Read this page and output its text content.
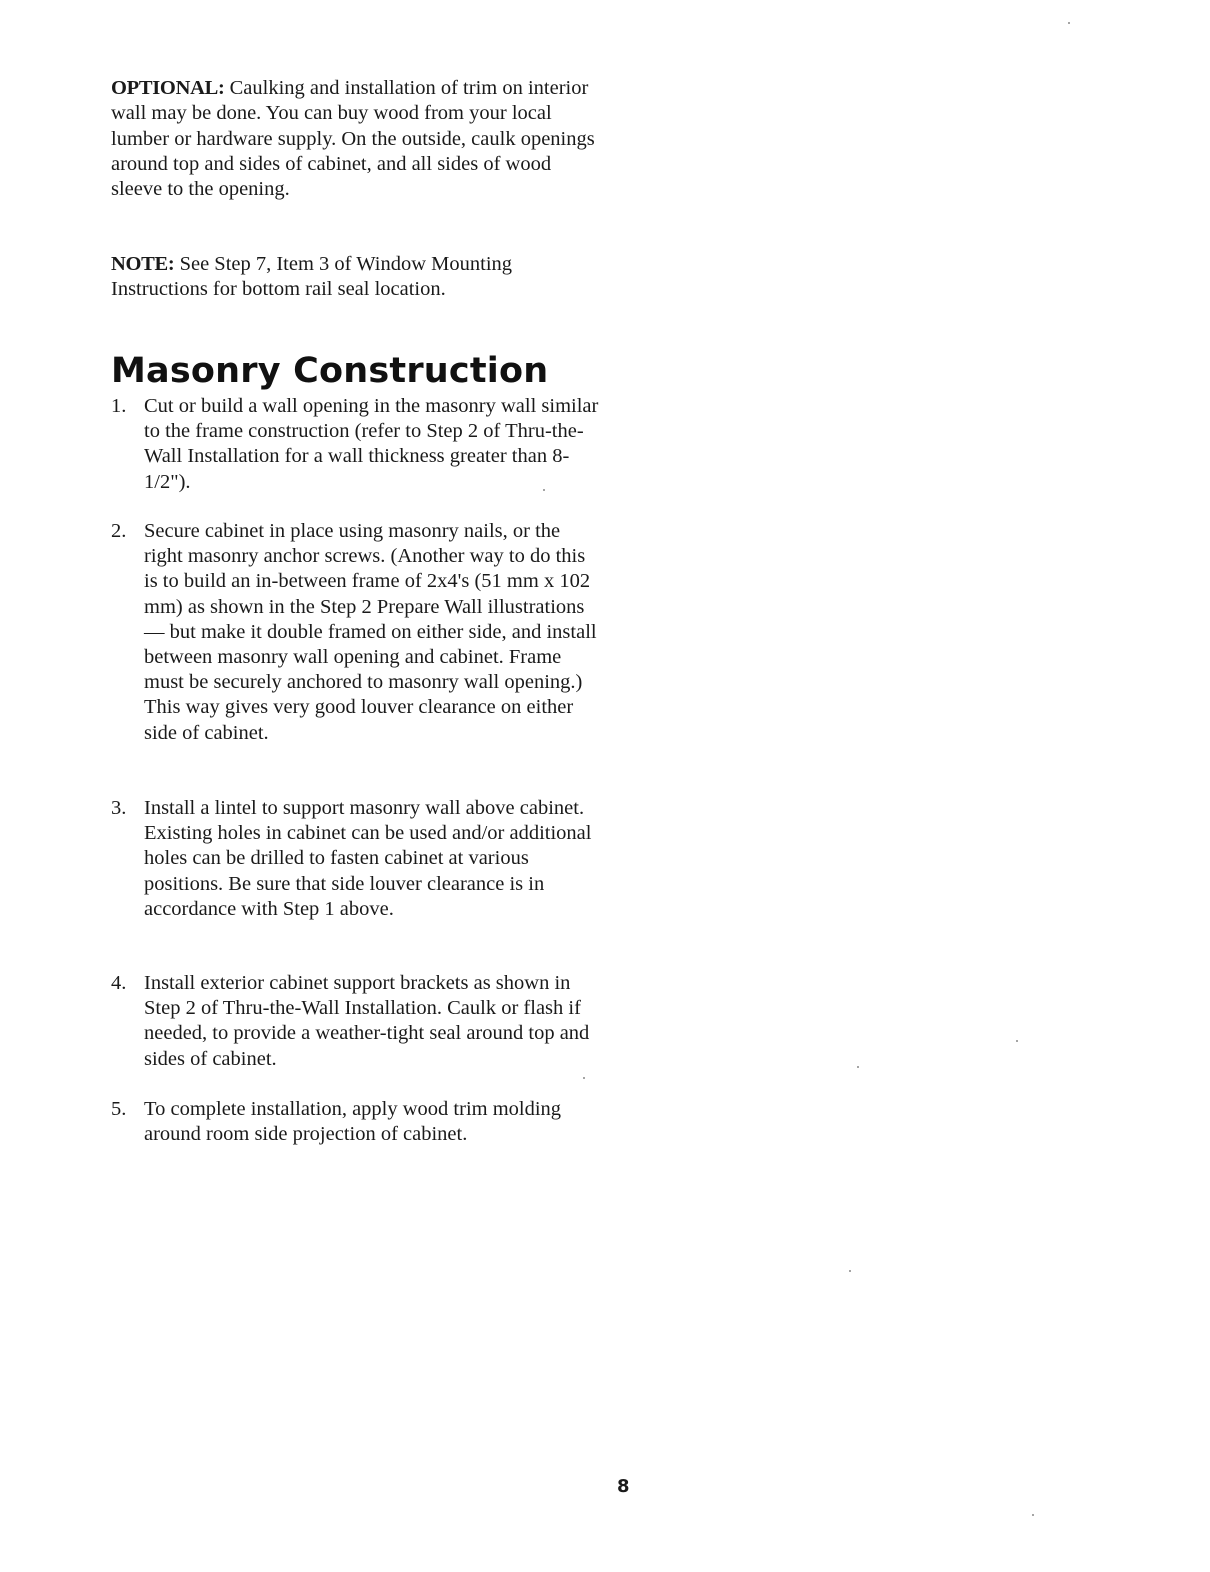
OPTIONAL: Caulking and installation of trim on interior wall may be done. You can buy wood from your local lumber or hardware supply. On the outside, caulk openings around top and sides of cabinet, and all sides of wood sleeve to the opening.

NOTE: See Step 7, Item 3 of Window Mounting Instructions for bottom rail seal location.

Masonry Construction
1. Cut or build a wall opening in the masonry wall similar to the frame construction (refer to Step 2 of Thru-the-Wall Installation for a wall thickness greater than 8-1/2").
2. Secure cabinet in place using masonry nails, or the right masonry anchor screws. (Another way to do this is to build an in-between frame of 2x4's (51 mm x 102 mm) as shown in the Step 2 Prepare Wall illustrations— but make it double framed on either side, and install between masonry wall opening and cabinet. Frame must be securely anchored to masonry wall opening.) This way gives very good louver clearance on either side of cabinet.
3. Install a lintel to support masonry wall above cabinet. Existing holes in cabinet can be used and/or additional holes can be drilled to fasten cabinet at various positions. Be sure that side louver clearance is in accordance with Step 1 above.
4. Install exterior cabinet support brackets as shown in Step 2 of Thru-the-Wall Installation. Caulk or flash if needed, to provide a weather-tight seal around top and sides of cabinet.
5. To complete installation, apply wood trim molding around room side projection of cabinet.
8
